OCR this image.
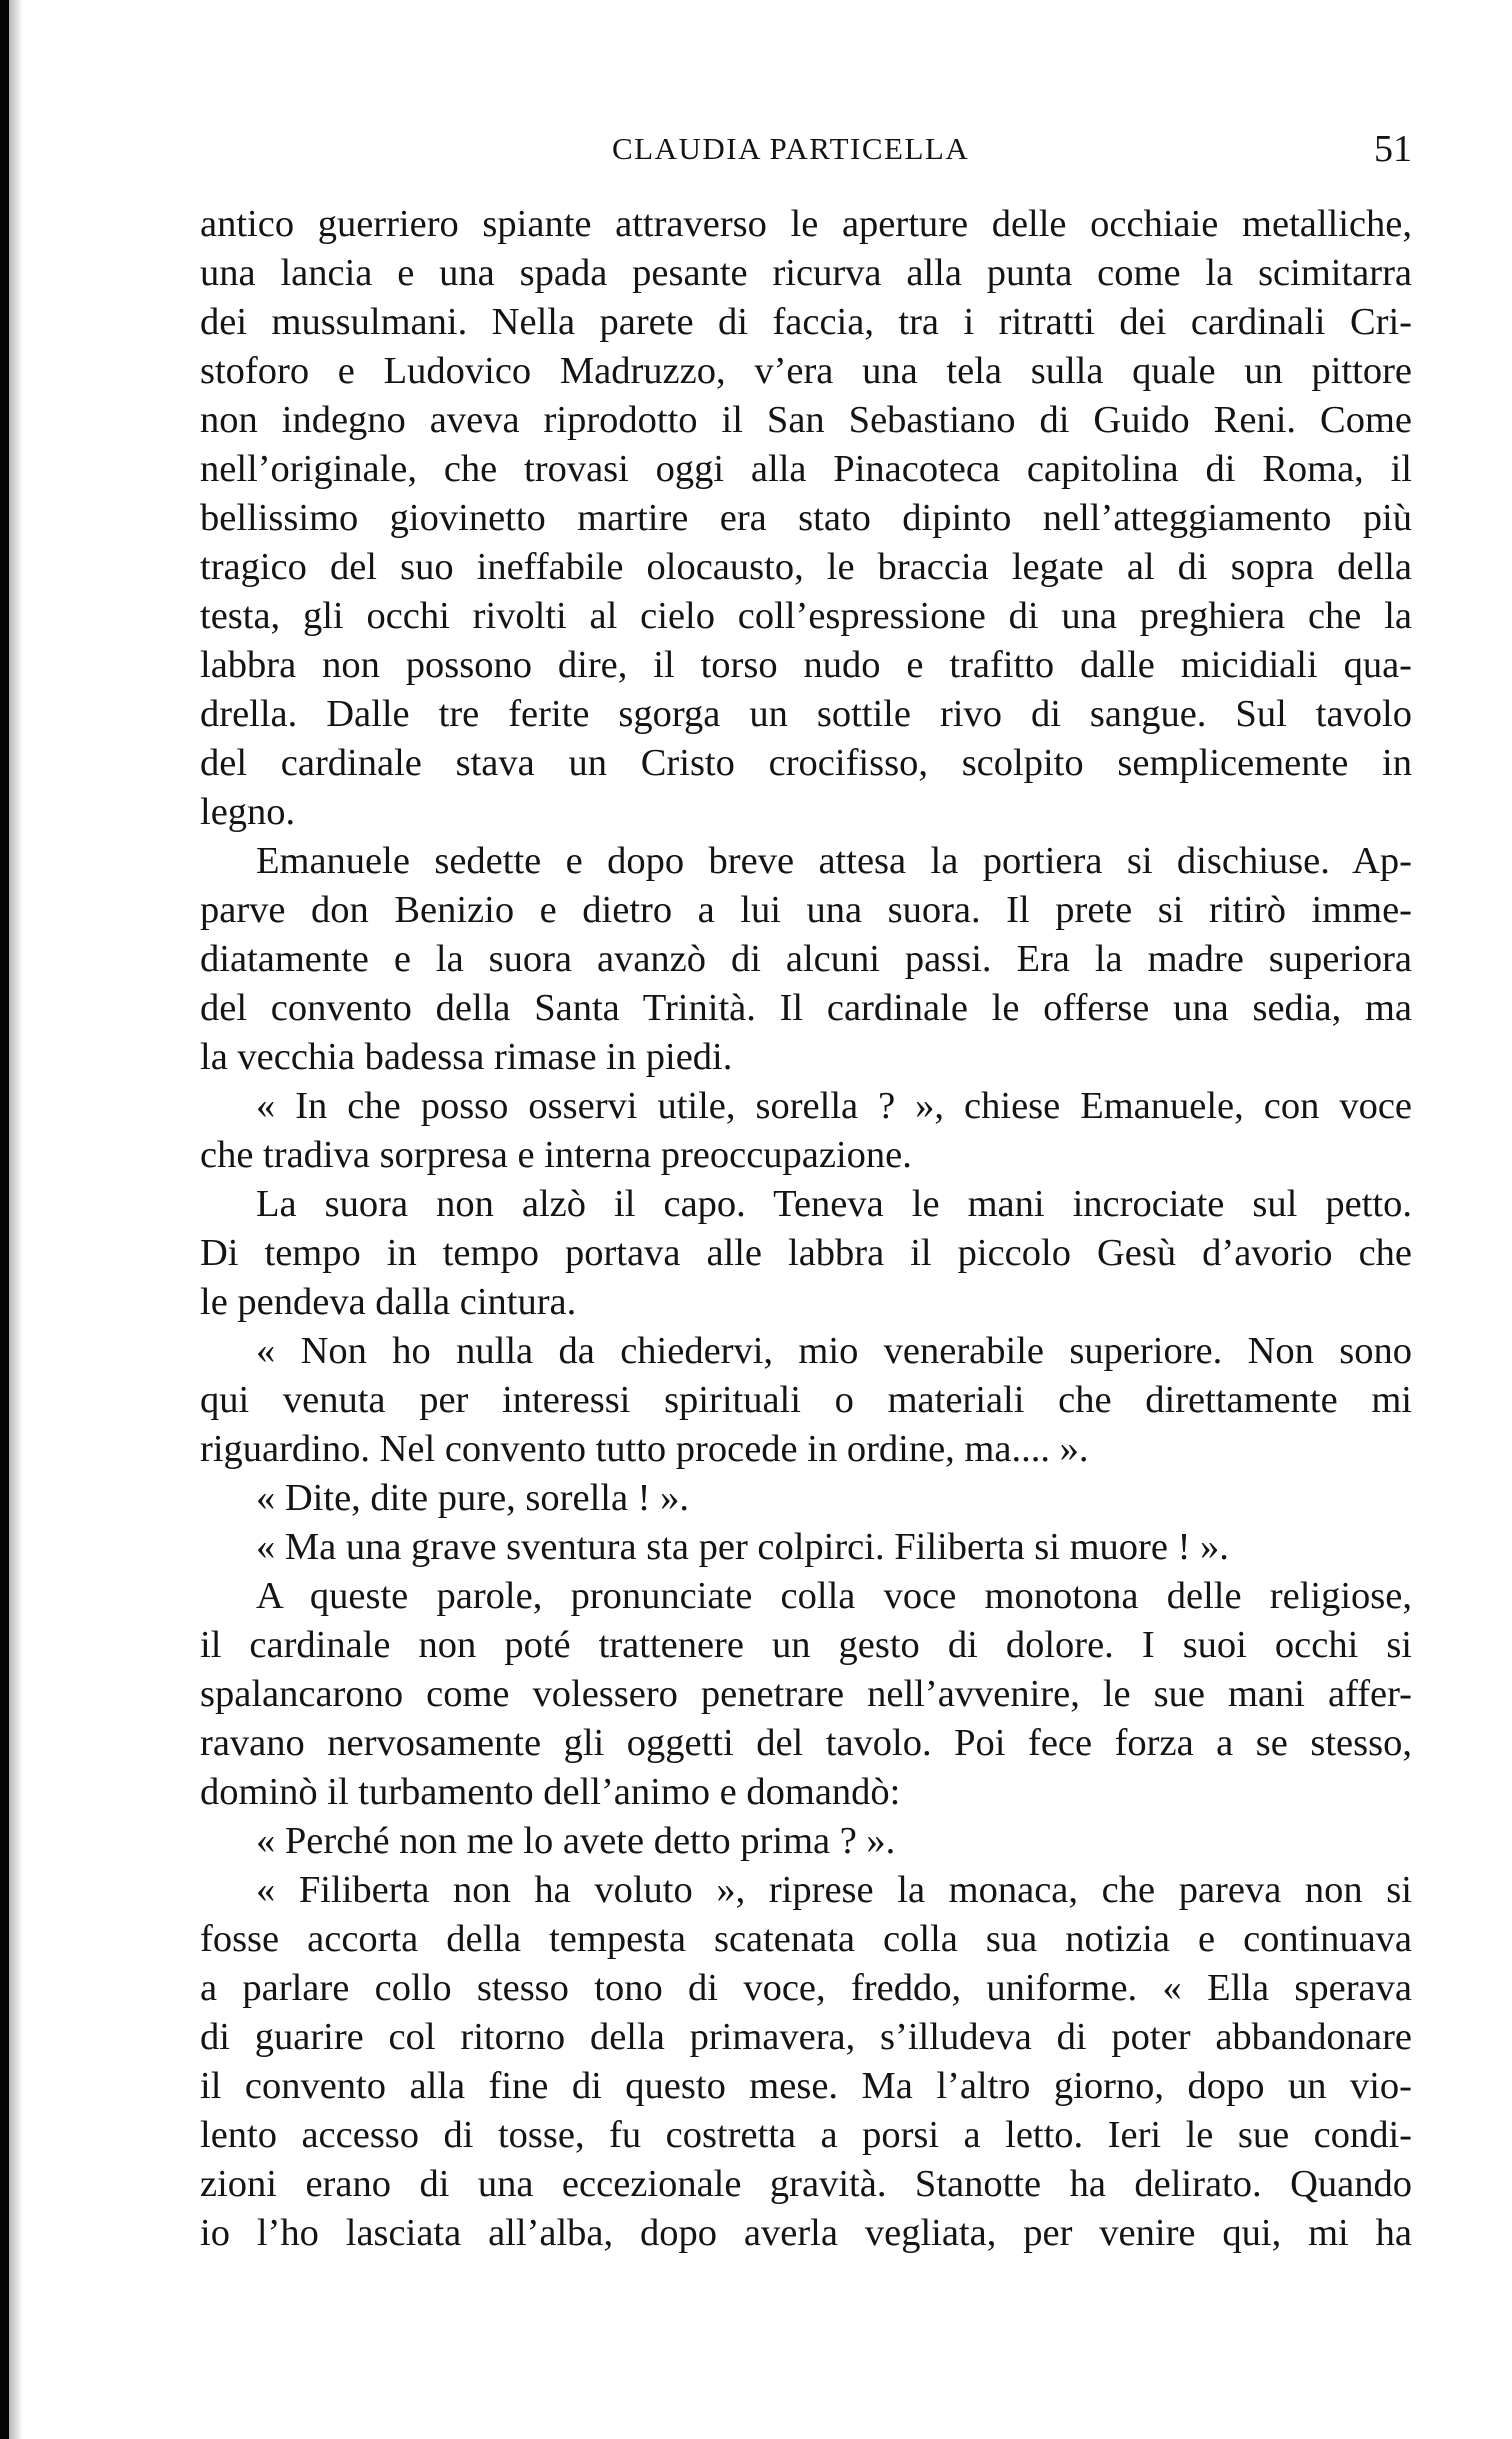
CLAUDIA PARTICELLA	51
antico guerriero spiante attraverso le aperture delle occhiaie metalliche,
una lancia e una spada pesante ricurva alla punta come la scimitarra
dei mussulmani. Nella parete di faccia, tra i ritratti dei cardinali Cri-
stoforo e Ludovico Madruzzo, v’era una tela sulla quale un pittore
non indegno aveva riprodotto il San Sebastiano di Guido Reni. Come
nell’originale, che trovasi oggi alla Pinacoteca capitolina di Roma, il
bellissimo giovinetto martire era stato dipinto nell’atteggiamento più
tragico del suo ineffabile olocausto, le braccia legate al di sopra della
testa, gli occhi rivolti al cielo coll’espressione di una preghiera che la
labbra non possono dire, il torso nudo e trafitto dalle micidiali qua-
drella. Dalle tre ferite sgorga un sottile rivo di sangue. Sul tavolo
del cardinale stava un Cristo crocifisso, scolpito semplicemente in
legno.
Emanuele sedette e dopo breve attesa la portiera si dischiuse. Ap-
parve don Benizio e dietro a lui una suora. Il prete si ritirò imme-
diatamente e la suora avanzò di alcuni passi. Era la madre superiora
del convento della Santa Trinità. Il cardinale le offerse una sedia, ma
la vecchia badessa rimase in piedi.
« In che posso osservi utile, sorella ? », chiese Emanuele, con voce
che tradiva sorpresa e interna preoccupazione.
La suora non alzò il capo. Teneva le mani incrociate sul petto.
Di tempo in tempo portava alle labbra il piccolo Gesù d’avorio che
le pendeva dalla cintura.
« Non ho nulla da chiedervi, mio venerabile superiore. Non sono
qui venuta per interessi spirituali o materiali che direttamente mi
riguardino. Nel convento tutto procede in ordine, ma.... ».
« Dite, dite pure, sorella ! ».
« Ma una grave sventura sta per colpirci. Filiberta si muore ! ».
A queste parole, pronunciate colla voce monotona delle religiose,
il cardinale non poté trattenere un gesto di dolore. I suoi occhi si
spalancarono come volessero penetrare nell’avvenire, le sue mani affer-
ravano nervosamente gli oggetti del tavolo. Poi fece forza a se stesso,
dominò il turbamento dell’animo e domandò:
« Perché non me lo avete detto prima ? ».
« Filiberta non ha voluto », riprese la monaca, che pareva non si
fosse accorta della tempesta scatenata colla sua notizia e continuava
a parlare collo stesso tono di voce, freddo, uniforme. « Ella sperava
di guarire col ritorno della primavera, s’illudeva di poter abbandonare
il convento alla fine di questo mese. Ma l’altro giorno, dopo un vio-
lento accesso di tosse, fu costretta a porsi a letto. Ieri le sue condi-
zioni erano di una eccezionale gravità. Stanotte ha delirato. Quando
io l’ho lasciata all’alba, dopo averla vegliata, per venire qui, mi ha
